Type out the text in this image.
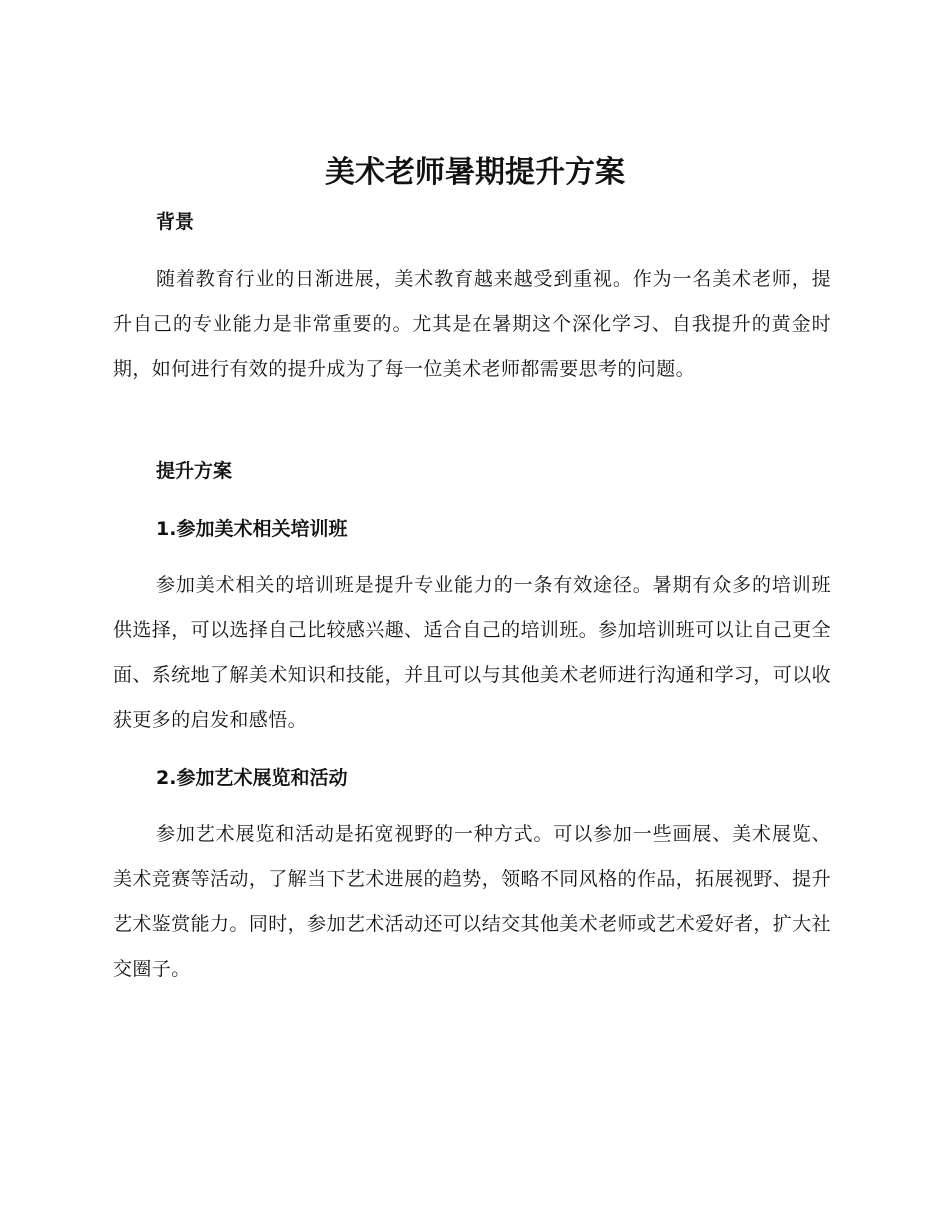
美术老师暑期提升方案
背景

随着教育行业的日渐进展，美术教育越来越受到重视。作为一名美术老师，提升自己的专业能力是非常重要的。尤其是在暑期这个深化学习、自我提升的黄金时期，如何进行有效的提升成为了每一位美术老师都需要思考的问题。

提升方案
1.参加美术相关培训班

参加美术相关的培训班是提升专业能力的一条有效途径。暑期有众多的培训班供选择，可以选择自己比较感兴趣、适合自己的培训班。参加培训班可以让自己更全面、系统地了解美术知识和技能，并且可以与其他美术老师进行沟通和学习，可以收获更多的启发和感悟。

2.参加艺术展览和活动

参加艺术展览和活动是拓宽视野的一种方式。可以参加一些画展、美术展览、美术竞赛等活动，了解当下艺术进展的趋势，领略不同风格的作品，拓展视野、提升艺术鉴赏能力。同时，参加艺术活动还可以结交其他美术老师或艺术爱好者，扩大社交圈子。
